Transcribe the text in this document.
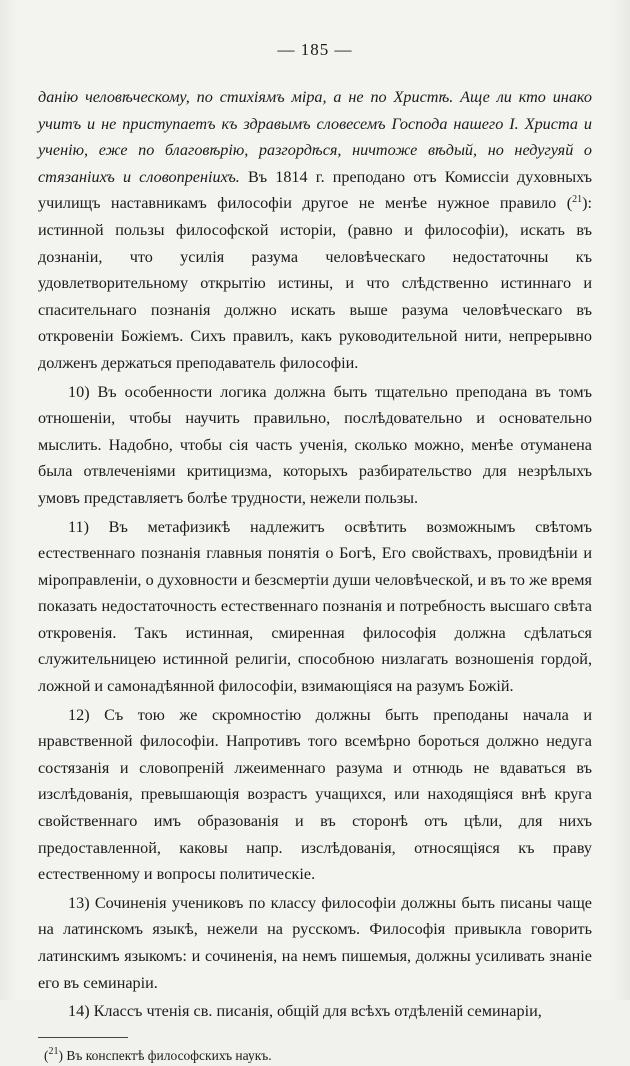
— 185 —

данію человѣческому, по стихіямъ міра, а не по Христѣ. Аще ли кто инако учитъ и не приступаетъ къ здравымъ словесемъ Господа нашего І. Христа и ученію, еже по благовѣрію, разгордѣся, ничтоже вѣдый, но недугуяй о стязаніихъ и словопреніихъ. Въ 1814 г. преподано отъ Комиссіи духовныхъ училищъ наставникамъ философіи другое не менѣе нужное правило ($^{21}$): истинной пользы философской исторіи, (равно и философіи), искать въ дознаніи, что усилія разума человѣческаго недостаточны къ удовлетворительному открытію истины, и что слѣдственно истиннаго и спасительнаго познанія должно искать выше разума человѣческаго въ откровеніи Божіемъ. Сихъ правилъ, какъ руководительной нити, непрерывно долженъ держаться преподаватель философіи.

10) Въ особенности логика должна быть тщательно преподана въ томъ отношеніи, чтобы научить правильно, послѣдовательно и основательно мыслить. Надобно, чтобы сія часть ученія, сколько можно, менѣе отуманена была отвлеченіями критицизма, которыхъ разбирательство для незрѣлыхъ умовъ представляетъ болѣе трудности, нежели пользы.

11) Въ метафизикѣ надлежитъ освѣтить возможнымъ свѣтомъ естественнаго познанія главныя понятія о Богѣ, Его свойствахъ, провидѣніи и міроправленіи, о духовности и безсмертіи души человѣческой, и въ то же время показать недостаточность естественнаго познанія и потребность высшаго свѣта откровенія. Такъ истинная, смиренная философія должна сдѣлаться служительницею истинной религіи, способною низлагать возношенія гордой, ложной и самонадѣянной философіи, взимающіяся на разумъ Божій.

12) Съ тою же скромностію должны быть преподаны начала и нравственной философіи. Напротивъ того всемѣрно бороться должно недуга состязанія и словопреній лжеименнаго разума и отнюдь не вдаваться въ изслѣдованія, превышающія возрастъ учащихся, или находящіяся внѣ круга свойственнаго имъ образованія и въ сторонѣ отъ цѣли, для нихъ предоставленной, каковы напр. изслѣдованія, относящіяся къ праву естественному и вопросы политическіе.

13) Сочиненія учениковъ по классу философіи должны быть писаны чаще на латинскомъ языкѣ, нежели на русскомъ. Философія привыкла говорить латинскимъ языкомъ: и сочиненія, на немъ пишемыя, должны усиливать знаніе его въ семинаріи.

14) Классъ чтенія св. писанія, общій для всѣхъ отдѣленій семинаріи,

($^{21}$) Въ конспектѣ философскихъ наукъ.
